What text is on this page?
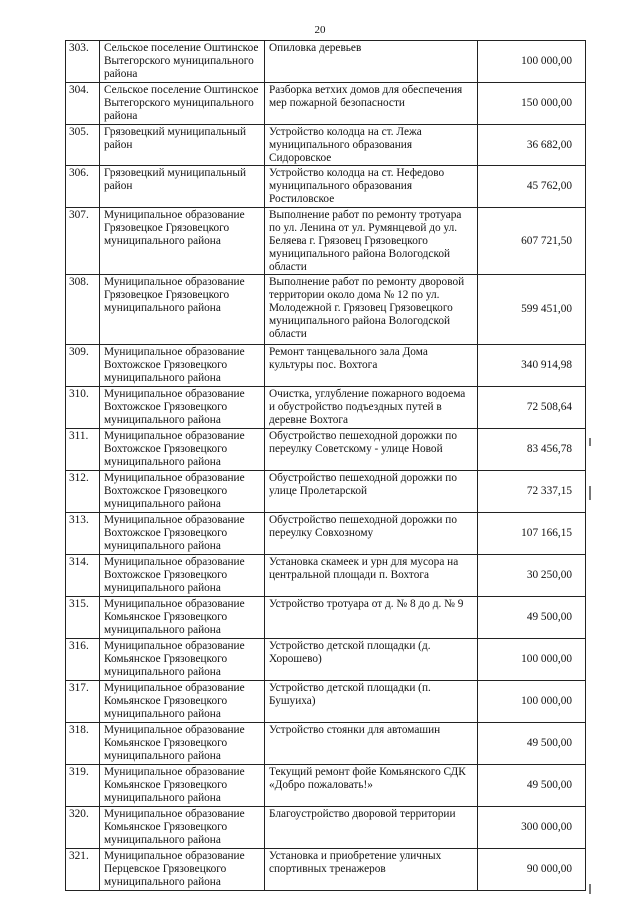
20
303.	Сельское поселение Оштинское Вытегорского муниципального района	Опиловка деревьев	100 000,00
304.	Сельское поселение Оштинское Вытегорского муниципального района	Разборка ветхих домов для обеспечения мер пожарной безопасности	150 000,00
305.	Грязовецкий муниципальный район	Устройство колодца на ст. Лежа муниципального образования Сидоровское	36 682,00
306.	Грязовецкий муниципальный район	Устройство колодца на ст. Нефедово муниципального образования Ростиловское	45 762,00
307.	Муниципальное образование Грязовецкое Грязовецкого муниципального района	Выполнение работ по ремонту тротуара по ул. Ленина от ул. Румянцевой до ул. Беляева г. Грязовец Грязовецкого муниципального района Вологодской области	607 721,50
308.	Муниципальное образование Грязовецкое Грязовецкого муниципального района	Выполнение работ по ремонту дворовой территории около дома № 12 по ул. Молодежной г. Грязовец Грязовецкого муниципального района Вологодской области	599 451,00
309.	Муниципальное образование Вохтожское Грязовецкого муниципального района	Ремонт танцевального зала Дома культуры пос. Вохтога	340 914,98
310.	Муниципальное образование Вохтожское Грязовецкого муниципального района	Очистка, углубление пожарного водоема и обустройство подъездных путей в деревне Вохтога	72 508,64
311.	Муниципальное образование Вохтожское Грязовецкого муниципального района	Обустройство пешеходной дорожки по переулку Советскому - улице Новой	83 456,78
312.	Муниципальное образование Вохтожское Грязовецкого муниципального района	Обустройство пешеходной дорожки по улице Пролетарской	72 337,15
313.	Муниципальное образование Вохтожское Грязовецкого муниципального района	Обустройство пешеходной дорожки по переулку Совхозному	107 166,15
314.	Муниципальное образование Вохтожское Грязовецкого муниципального района	Установка скамеек и урн для мусора на центральной площади п. Вохтога	30 250,00
315.	Муниципальное образование Комьянское Грязовецкого муниципального района	Устройство тротуара от д. № 8 до д. № 9	49 500,00
316.	Муниципальное образование Комьянское Грязовецкого муниципального района	Устройство детской площадки (д. Хорошево)	100 000,00
317.	Муниципальное образование Комьянское Грязовецкого муниципального района	Устройство детской площадки (п. Бушуиха)	100 000,00
318.	Муниципальное образование Комьянское Грязовецкого муниципального района	Устройство стоянки для автомашин	49 500,00
319.	Муниципальное образование Комьянское Грязовецкого муниципального района	Текущий ремонт фойе Комьянского СДК «Добро пожаловать!»	49 500,00
320.	Муниципальное образование Комьянское Грязовецкого муниципального района	Благоустройство дворовой территории	300 000,00
321.	Муниципальное образование Перцевское Грязовецкого муниципального района	Установка и приобретение уличных спортивных тренажеров	90 000,00
